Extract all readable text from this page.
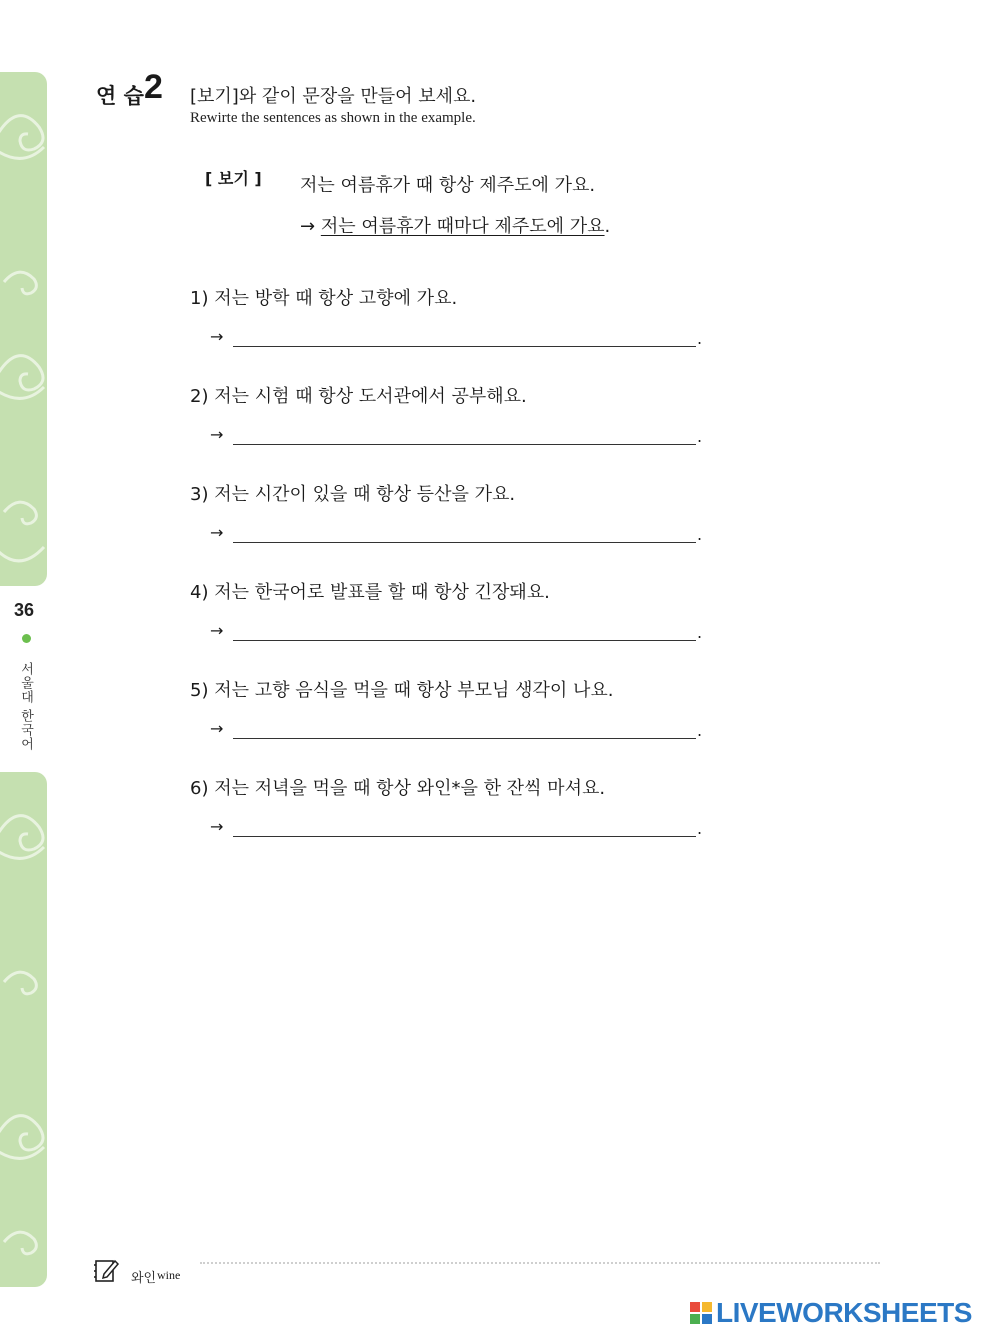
36
서울대 한국어
연 습 2 [보기]와 같이 문장을 만들어 보세요.
Rewirte the sentences as shown in the example.
[ 보기 ] 저는 여름휴가 때 항상 제주도에 가요.
→ 저는 여름휴가 때마다 제주도에 가요.
1) 저는 방학 때 항상 고향에 가요.
→	.
2) 저는 시험 때 항상 도서관에서 공부해요.
→	.
3) 저는 시간이 있을 때 항상 등산을 가요.
→	.
4) 저는 한국어로 발표를 할 때 항상 긴장돼요.
→	.
5) 저는 고향 음식을 먹을 때 항상 부모님 생각이 나요.
→	.
6) 저는 저녁을 먹을 때 항상 와인*을 한 잔씩 마셔요.
→	.
와인 wine
LIVEWORKSHEETS
